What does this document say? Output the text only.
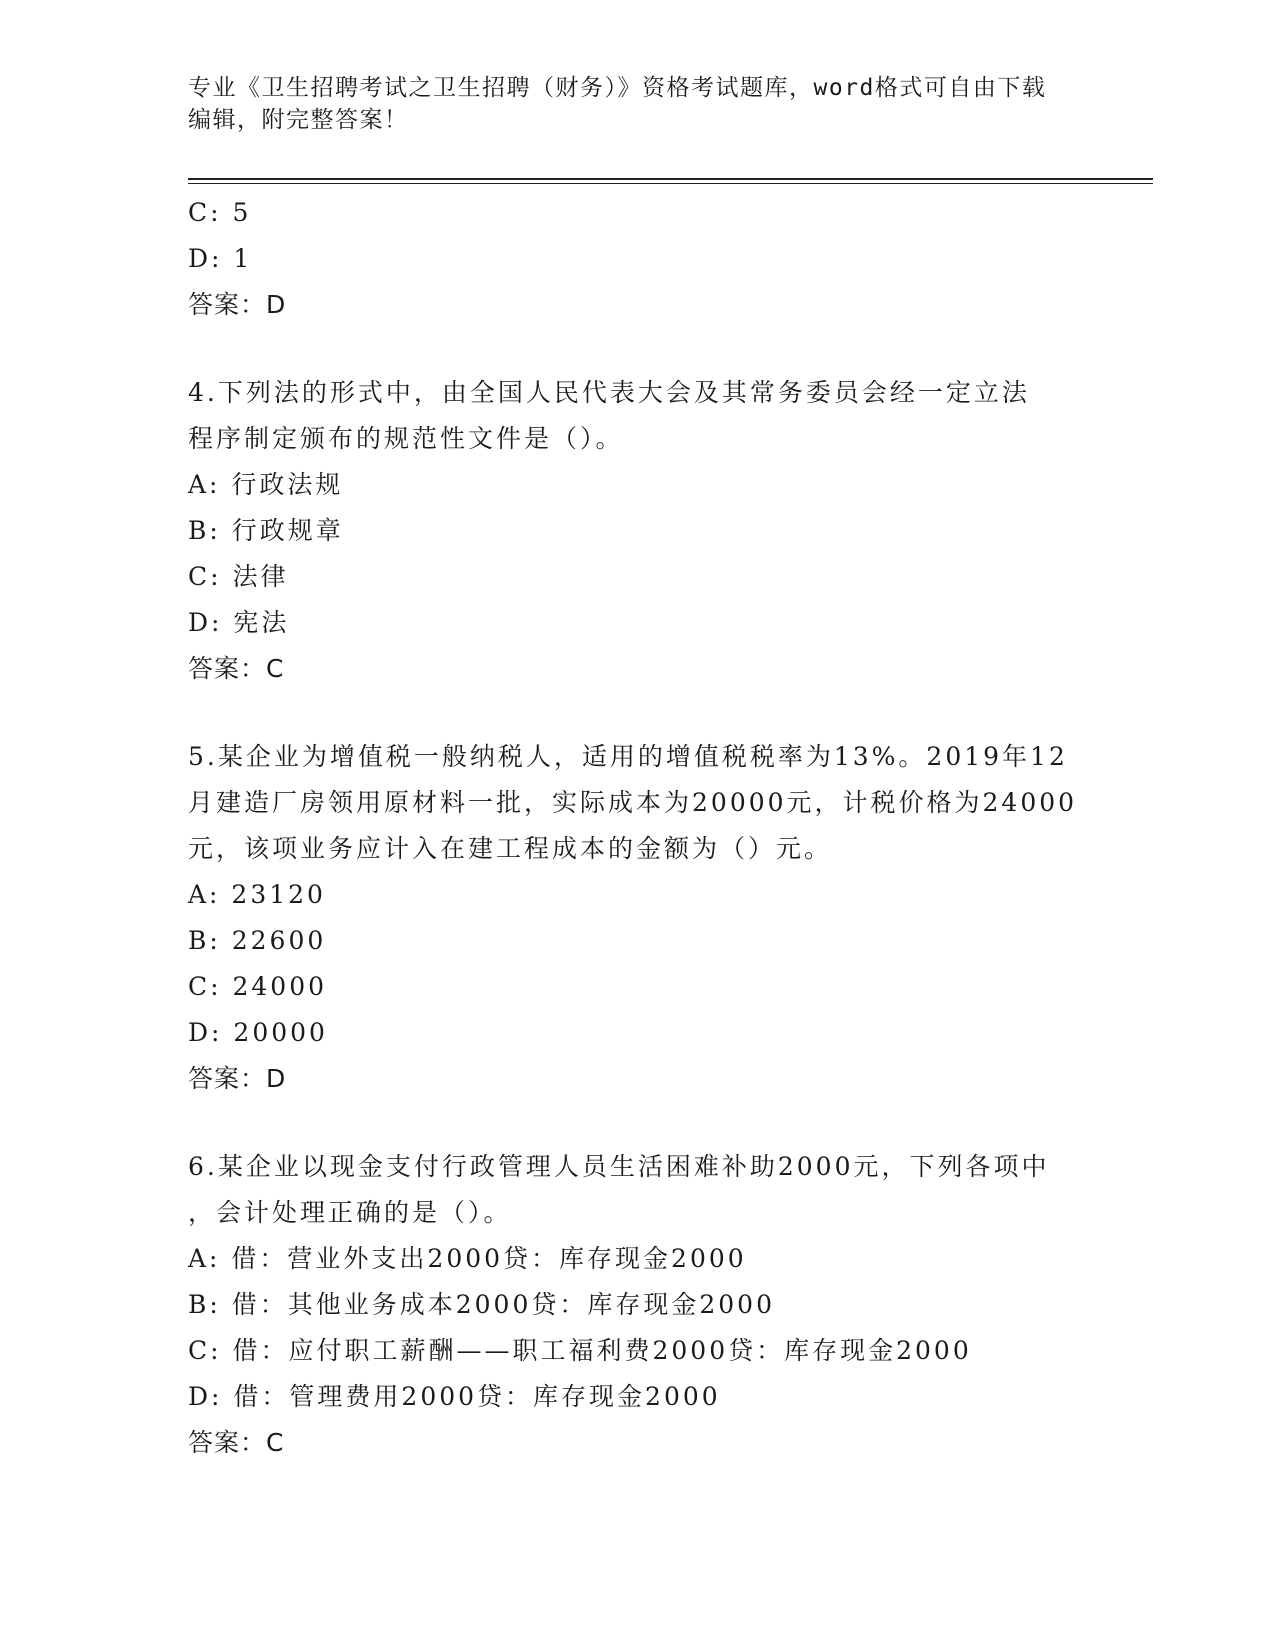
专业《卫生招聘考试之卫生招聘（财务）》资格考试题库，word格式可自由下载
编辑，附完整答案！
C: 5
D: 1
答案：D
4.下列法的形式中，由全国人民代表大会及其常务委员会经一定立法
程序制定颁布的规范性文件是（）。
A: 行政法规
B: 行政规章
C: 法律
D: 宪法
答案：C
5.某企业为增值税一般纳税人，适用的增值税税率为13%。2019年12
月建造厂房领用原材料一批，实际成本为20000元，计税价格为24000
元，该项业务应计入在建工程成本的金额为（）元。
A: 23120
B: 22600
C: 24000
D: 20000
答案：D
6.某企业以现金支付行政管理人员生活困难补助2000元，下列各项中
，会计处理正确的是（）。
A: 借：营业外支出2000贷：库存现金2000
B: 借：其他业务成本2000贷：库存现金2000
C: 借：应付职工薪酬——职工福利费2000贷：库存现金2000
D: 借：管理费用2000贷：库存现金2000
答案：C
